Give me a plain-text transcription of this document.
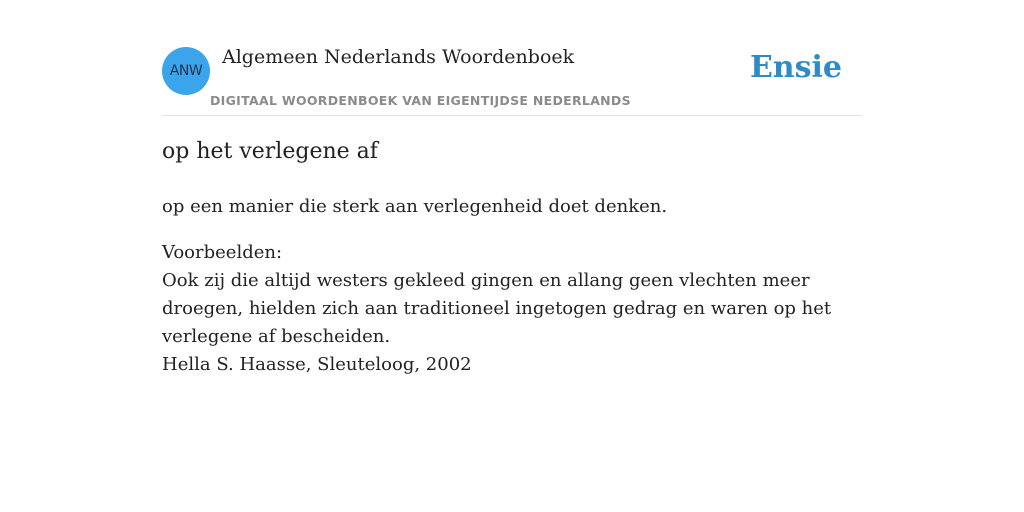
ANW
Algemeen Nederlands Woordenboek
DIGITAAL WOORDENBOEK VAN EIGENTIJDSE NEDERLANDS
Ensie
op het verlegene af

op een manier die sterk aan verlegenheid doet denken.

Voorbeelden:
Ook zij die altijd westers gekleed gingen en allang geen vlechten meer droegen, hielden zich aan traditioneel ingetogen gedrag en waren op het verlegene af bescheiden.
Hella S. Haasse, Sleuteloog, 2002
